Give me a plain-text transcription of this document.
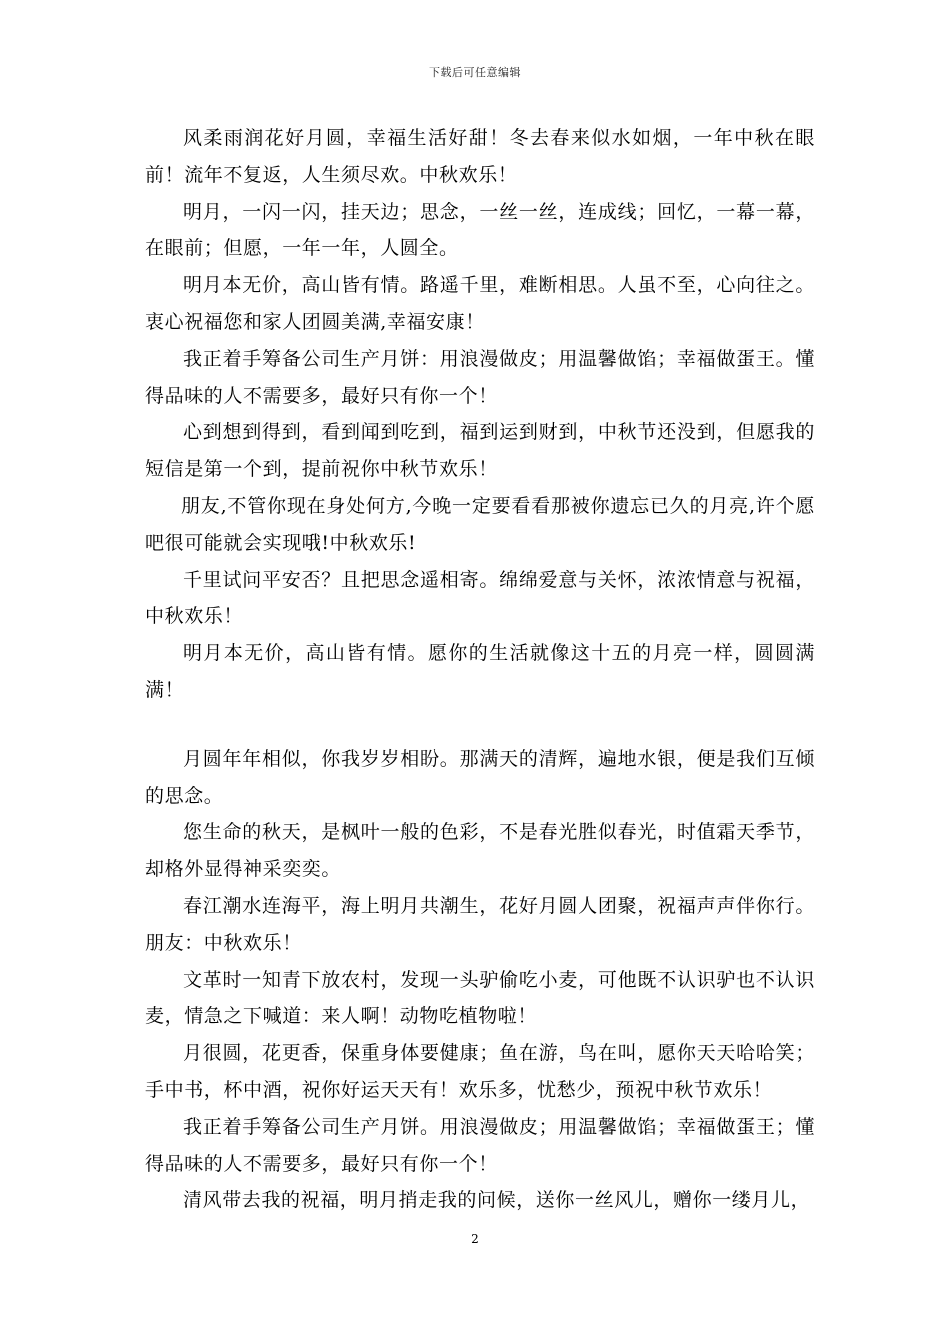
下载后可任意编辑

风柔雨润花好月圆，幸福生活好甜！冬去春来似水如烟，一年中秋在眼前！流年不复返，人生须尽欢。中秋欢乐！

明月，一闪一闪，挂天边；思念，一丝一丝，连成线；回忆，一幕一幕，在眼前；但愿，一年一年，人圆全。

明月本无价，高山皆有情。路遥千里，难断相思。人虽不至，心向往之。衷心祝福您和家人团圆美满,幸福安康！

我正着手筹备公司生产月饼：用浪漫做皮；用温馨做馅；幸福做蛋王。懂得品味的人不需要多，最好只有你一个！

心到想到得到，看到闻到吃到，福到运到财到，中秋节还没到，但愿我的短信是第一个到，提前祝你中秋节欢乐！

朋友,不管你现在身处何方,今晚一定要看看那被你遗忘已久的月亮,许个愿吧很可能就会实现哦!中秋欢乐!

千里试问平安否？且把思念遥相寄。绵绵爱意与关怀，浓浓情意与祝福，中秋欢乐！

明月本无价，高山皆有情。愿你的生活就像这十五的月亮一样，圆圆满满！

月圆年年相似，你我岁岁相盼。那满天的清辉，遍地水银，便是我们互倾的思念。

您生命的秋天，是枫叶一般的色彩，不是春光胜似春光，时值霜天季节，却格外显得神采奕奕。

春江潮水连海平，海上明月共潮生，花好月圆人团聚，祝福声声伴你行。朋友：中秋欢乐！

文革时一知青下放农村，发现一头驴偷吃小麦，可他既不认识驴也不认识麦，情急之下喊道：来人啊！动物吃植物啦！

月很圆，花更香，保重身体要健康；鱼在游，鸟在叫，愿你天天哈哈笑；手中书，杯中酒，祝你好运天天有！欢乐多，忧愁少，预祝中秋节欢乐！

我正着手筹备公司生产月饼。用浪漫做皮；用温馨做馅；幸福做蛋王；懂得品味的人不需要多，最好只有你一个！

清风带去我的祝福，明月捎走我的问候，送你一丝风儿，赠你一缕月儿，

2
